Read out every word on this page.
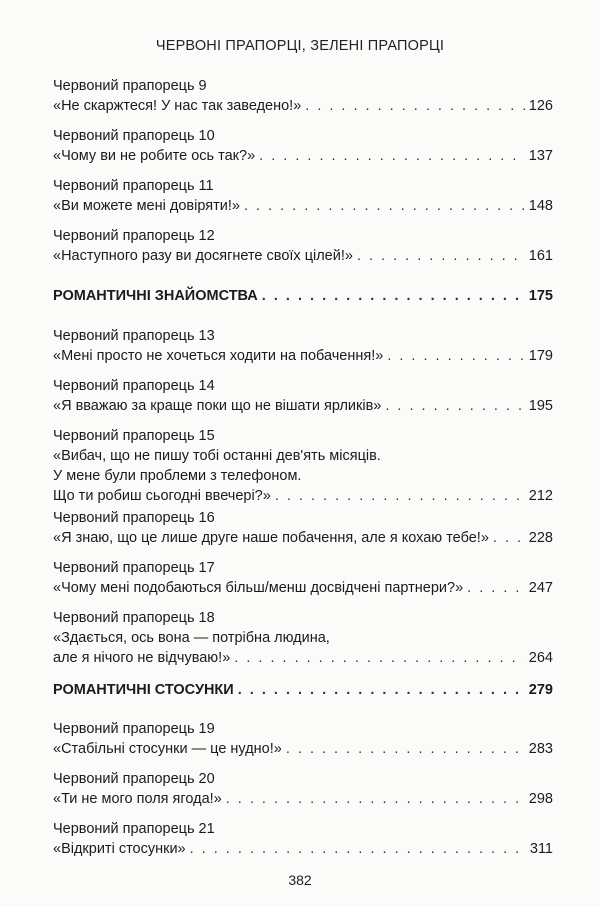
ЧЕРВОНІ ПРАПОРЦІ, ЗЕЛЕНІ ПРАПОРЦІ
Червоний прапорець 9
«Не скаржтеся! У нас так заведено!» . . .	126
Червоний прапорець 10
«Чому ви не робите ось так?» . . .	137
Червоний прапорець 11
«Ви можете мені довіряти!» . . .	148
Червоний прапорець 12
«Наступного разу ви досягнете своїх цілей!» . . .	161
РОМАНТИЧНІ ЗНАЙОМСТВА . . .	175
Червоний прапорець 13
«Мені просто не хочеться ходити на побачення!» . . .	179
Червоний прапорець 14
«Я вважаю за краще поки що не вішати ярликів» . . .	195
Червоний прапорець 15
«Вибач, що не пишу тобі останні дев'ять місяців.
У мене були проблеми з телефоном.
Що ти робиш сьогодні ввечері?» . . .	212
Червоний прапорець 16
«Я знаю, що це лише друге наше побачення, але я кохаю тебе!» . . .	228
Червоний прапорець 17
«Чому мені подобаються більш/менш досвідчені партнери?» . . .	247
Червоний прапорець 18
«Здається, ось вона — потрібна людина,
але я нічого не відчуваю!» . . .	264
РОМАНТИЧНІ СТОСУНКИ . . .	279
Червоний прапорець 19
«Стабільні стосунки — це нудно!» . . .	283
Червоний прапорець 20
«Ти не мого поля ягода!» . . .	298
Червоний прапорець 21
«Відкриті стосунки» . . .	311
382
